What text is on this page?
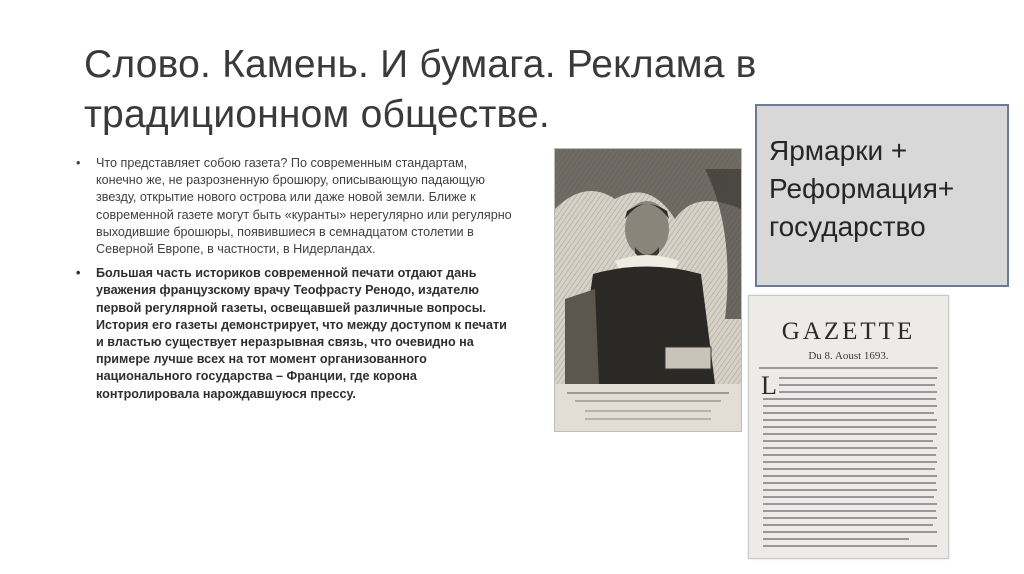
Слово. Камень. И бумага. Реклама в
традиционном обществе.
• Что представляет собою газета? По современным стандартам, конечно же, не разрозненную брошюру, описывающую падающую звезду, открытие нового острова или даже новой земли. Ближе к современной газете могут быть «куранты» нерегулярно или регулярно выходившие брошюры, появившиеся в семнадцатом столетии в Северной Европе, в частности, в Нидерландах.
• Большая часть историков современной печати отдают дань уважения французскому врачу Теофрасту Ренодо, издателю первой регулярной газеты, освещавшей различные вопросы. История его газеты демонстрирует, что между доступом к печати и властью существует неразрывная связь, что очевидно на примере лучше всех на тот момент организованного национального государства – Франции, где корона контролировала нарождавшуюся прессу.
Ярмарки +
Реформация+
государство
GAZETTE
Du 8. Aoust 1693.
L
